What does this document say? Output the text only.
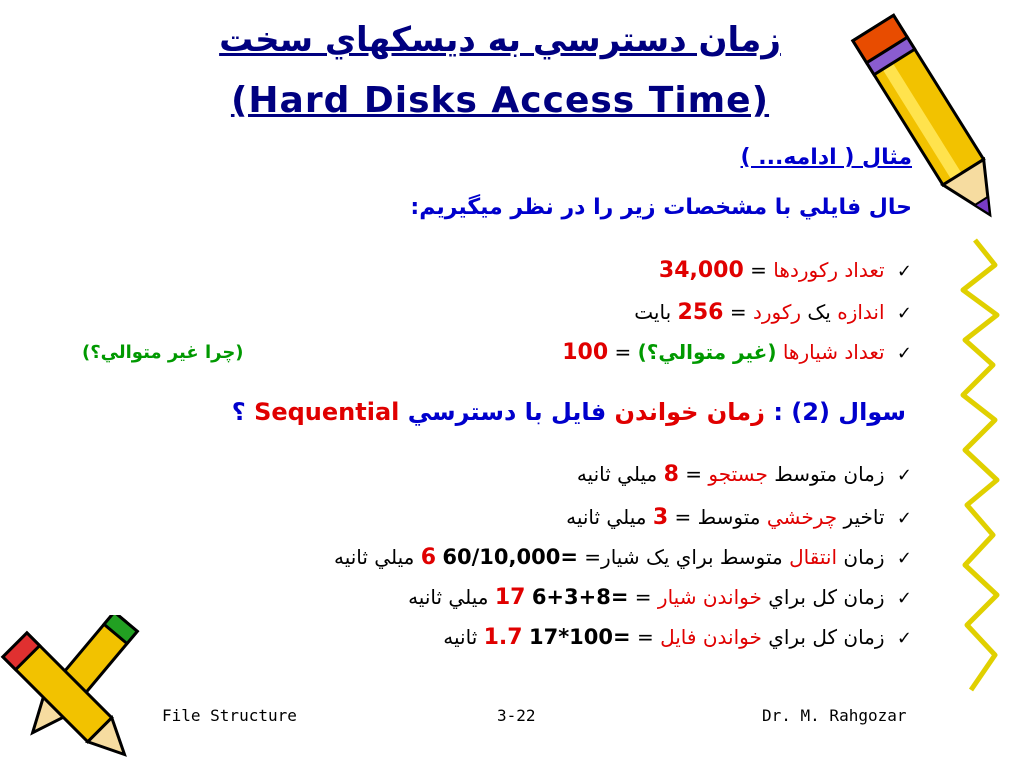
زمان دسترسي به ديسكهاي سخت
(Hard Disks Access Time)
مثال ( ادامه... )
حال فايلي با مشخصات زير را در نظر ميگيريم:
✓ تعداد رکوردها = 34,000
✓ اندازه يک رکورد = 256 بايت
✓ تعداد شيارها (غير متوالي؟) = 100
(چرا غير متوالي؟)
سوال (2) : زمان خواندن فايل با دسترسي Sequential ؟
✓ زمان متوسط جستجو = 8 ميلي ثانيه
✓ تاخير چرخشي متوسط = 3 ميلي ثانيه
✓ زمان انتقال متوسط براي يک شيار= 60/10,000= 6 ميلي ثانيه
✓ زمان کل براي خواندن شيار = 6+3+8= 17 ميلي ثانيه
✓ زمان کل براي خواندن فايل = 17*100= 1.7 ثانيه
File Structure	3-22	Dr. M. Rahgozar
